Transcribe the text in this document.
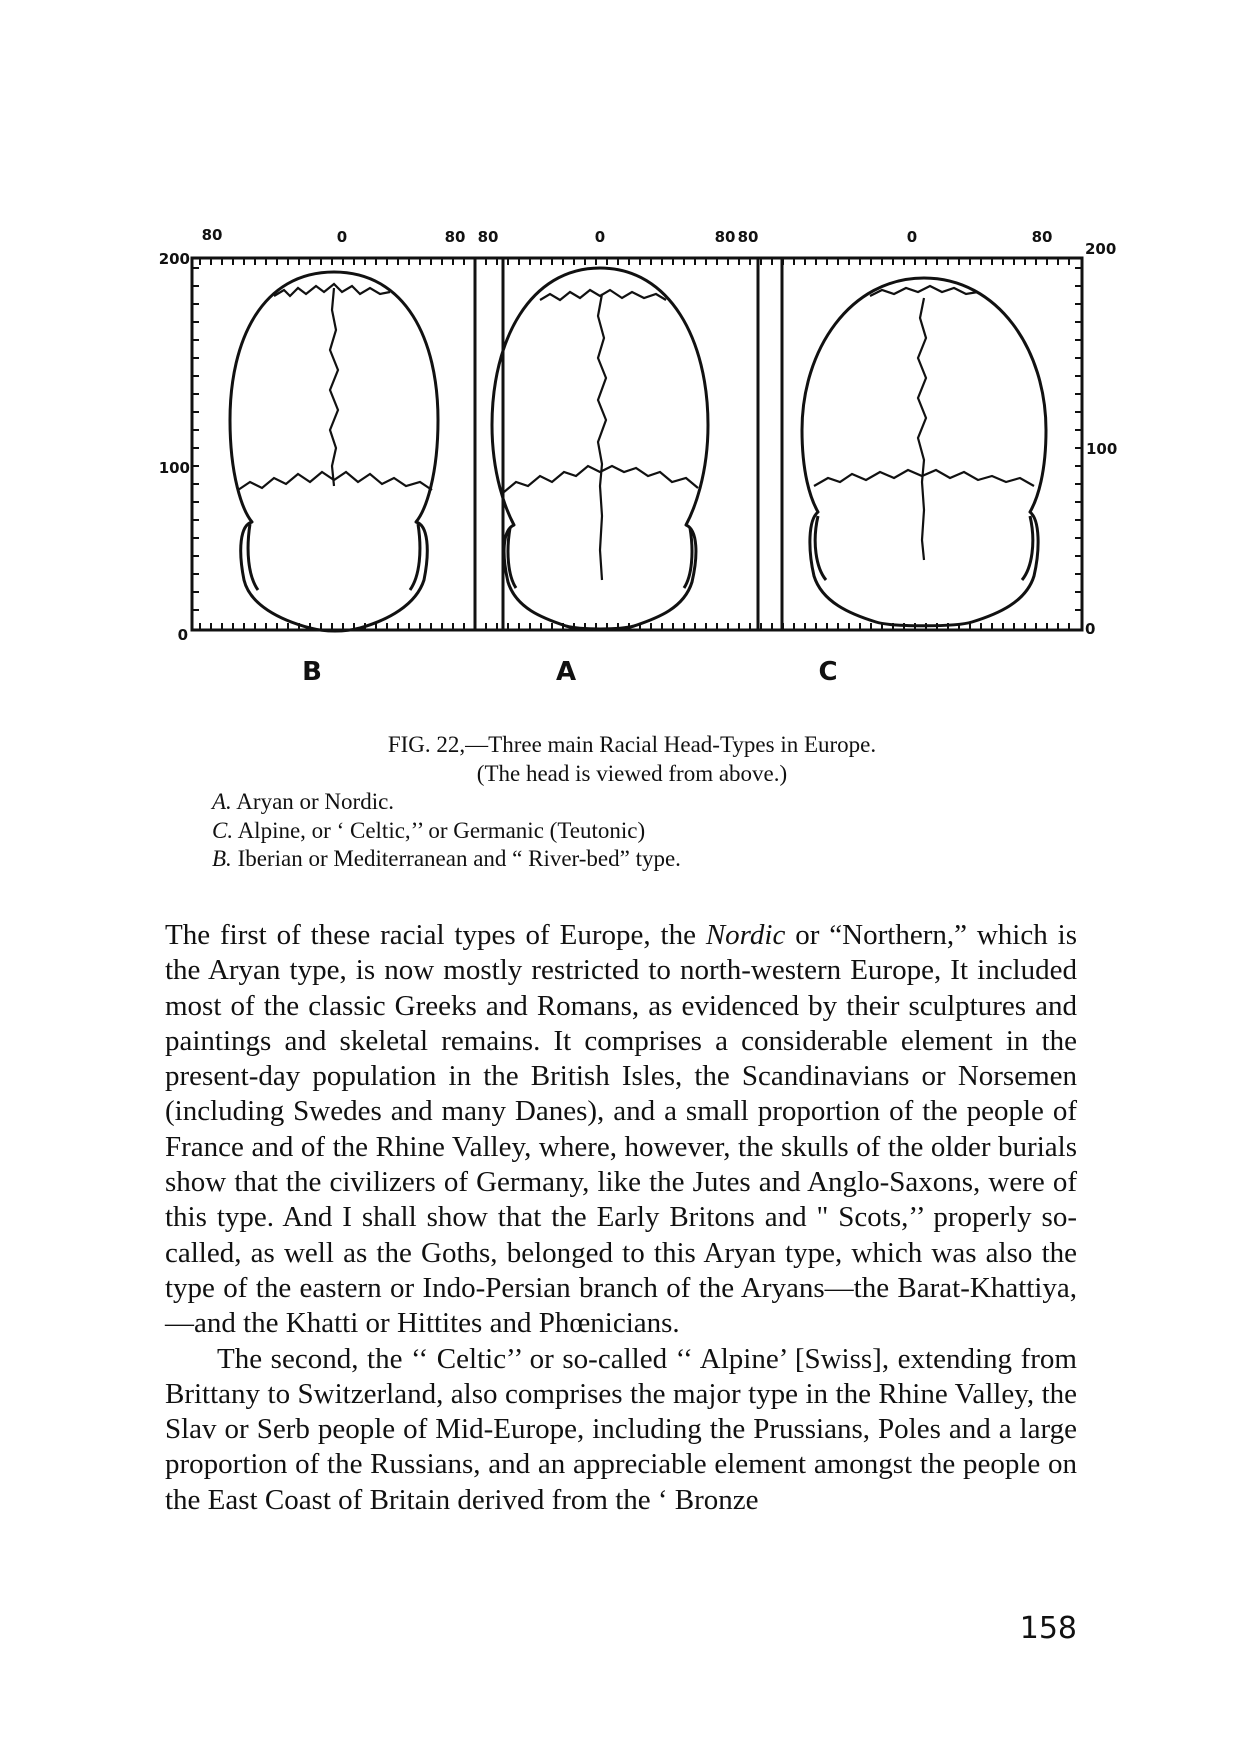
80	0	80 80	0	80 80	0	80
200
100
0
200
100
0
B	A	C
FIG. 22,—Three main Racial Head-Types in Europe.
(The head is viewed from above.)
A. Aryan or Nordic.
C. Alpine, or ‘ Celtic,’’ or Germanic (Teutonic)
B. Iberian or Mediterranean and “ River-bed” type.

The first of these racial types of Europe, the Nordic or “Northern,” which is the Aryan type, is now mostly restricted to north-western Europe, It included most of the classic Greeks and Romans, as evidenced by their sculptures and paintings and skeletal remains. It comprises a considerable element in the present-day population in the British Isles, the Scandinavians or Norsemen (including Swedes and many Danes), and a small proportion of the people of France and of the Rhine Valley, where, however, the skulls of the older burials show that the civilizers of Germany, like the Jutes and Anglo-Saxons, were of this type. And I shall show that the Early Britons and " Scots,’’ properly so-called, as well as the Goths, belonged to this Aryan type, which was also the type of the eastern or Indo-Persian branch of the Aryans—the Barat-Khattiya,—and the Khatti or Hittites and Phœnicians.

The second, the ‘‘ Celtic’’ or so-called ‘‘ Alpine’ [Swiss], extending from Brittany to Switzerland, also comprises the major type in the Rhine Valley, the Slav or Serb people of Mid-Europe, including the Prussians, Poles and a large proportion of the Russians, and an appreciable element amongst the people on the East Coast of Britain derived from the ‘ Bronze

158
